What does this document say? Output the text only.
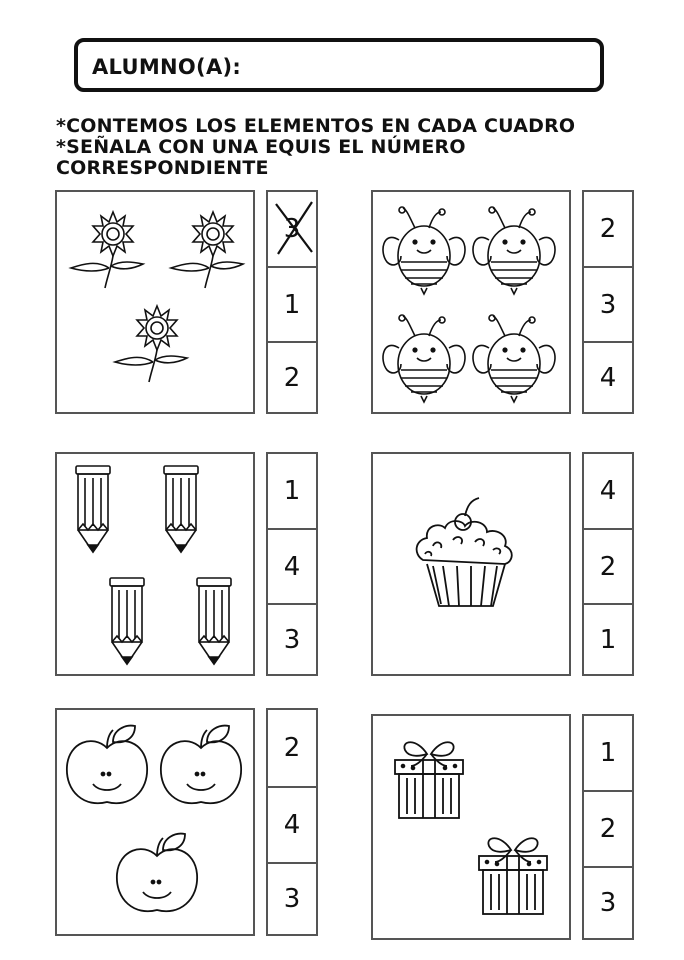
ALUMNO(A):
*CONTEMOS LOS ELEMENTOS EN CADA CUADRO
*SEÑALA CON UNA EQUIS EL NÚMERO
CORRESPONDIENTE
3
1
2
2
3
4
1
4
3
4
2
1
2
4
3
1
2
3
